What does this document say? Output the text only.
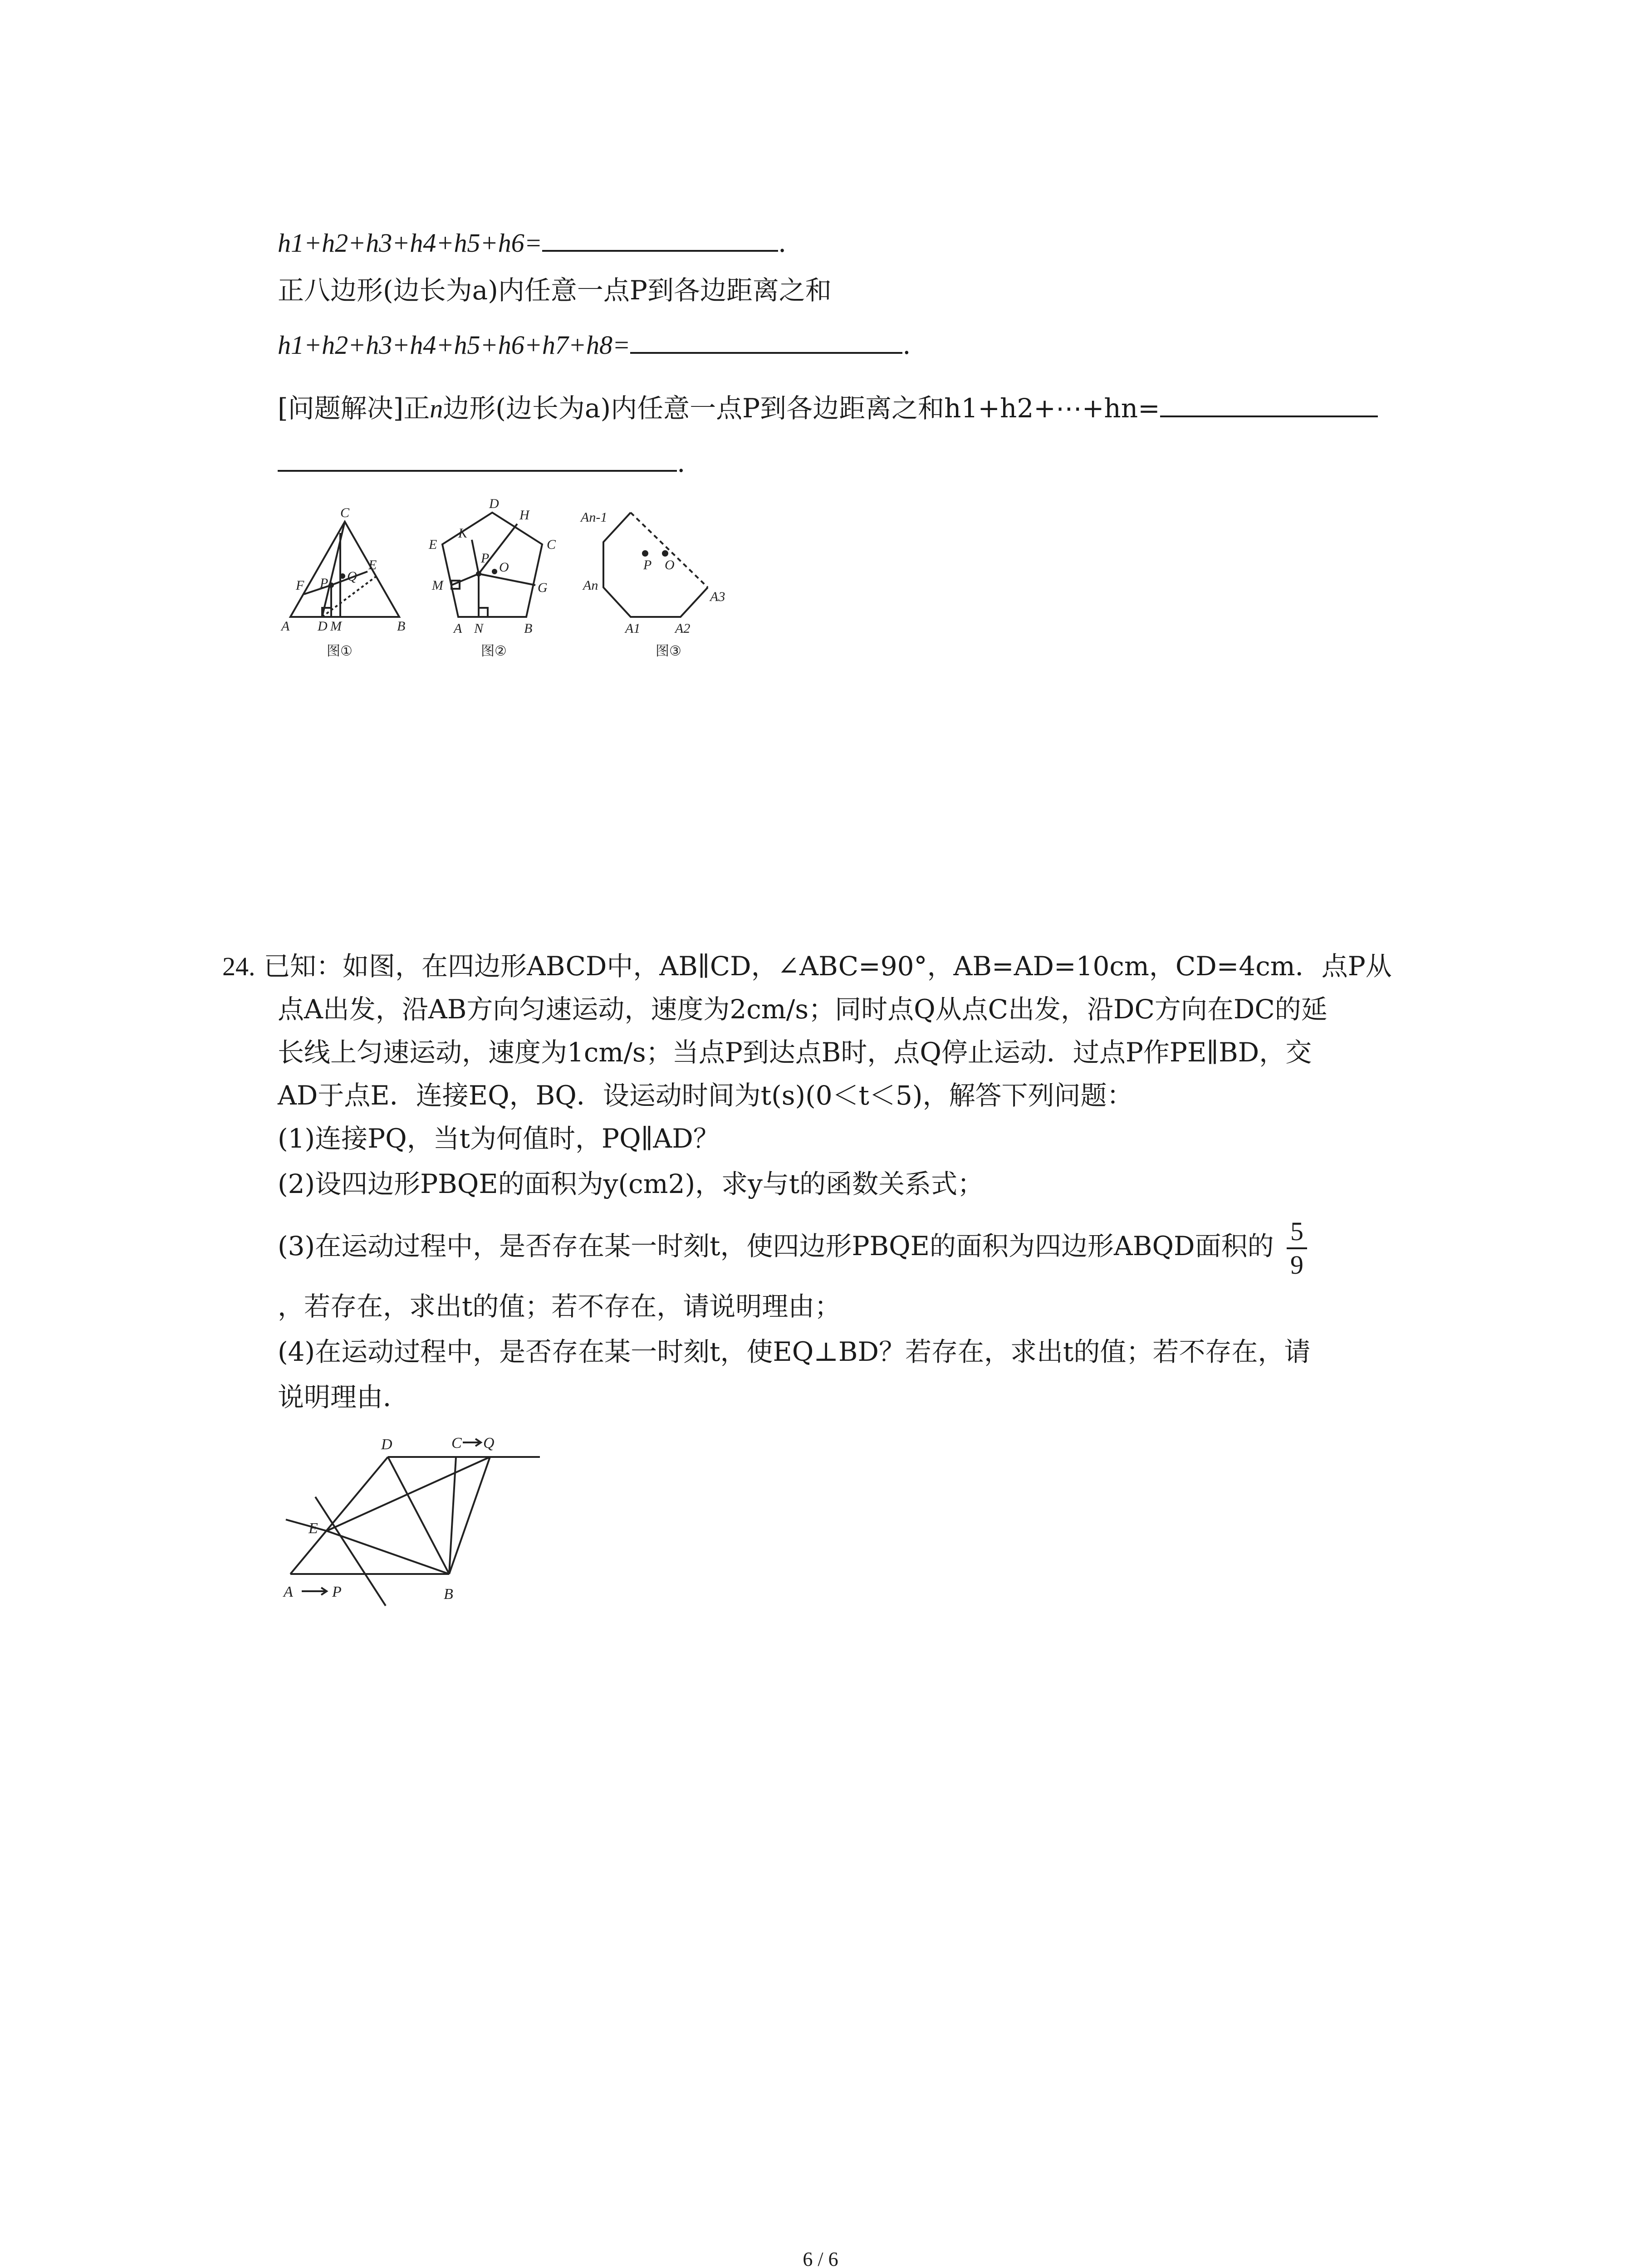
h1+h2+h3+h4+h5+h6=	.
正八边形(边长为a)内任意一点P到各边距离之和
h1+h2+h3+h4+h5+h6+h7+h8=	.
[问题解决]正n边形(边长为a)内任意一点P到各边距离之和h1+h2+⋯+hn=
.
C
F P
E
Q
A D M	B
图①
D
H
K
E
P
O
C
M	G
A N	B
图②
An-1
P O
An
A3
A1	A2
图③
24. 已知：如图，在四边形ABCD中，AB∥CD，∠ABC=90°，AB=AD=10cm，CD=4cm．点P从
点A出发，沿AB方向匀速运动，速度为2cm/s；同时点Q从点C出发，沿DC方向在DC的延
长线上匀速运动，速度为1cm/s；当点P到达点B时，点Q停止运动．过点P作PE∥BD，交
AD于点E．连接EQ，BQ．设运动时间为t(s)(0＜t＜5)，解答下列问题：
(1)连接PQ，当t为何值时，PQ∥AD？
(2)设四边形PBQE的面积为y(cm2)，求y与t的函数关系式；
(3)在运动过程中，是否存在某一时刻t，使四边形PBQE的面积为四边形ABQD面积的 $\frac{5}{9}$
，若存在，求出t的值；若不存在，请说明理由；
(4)在运动过程中，是否存在某一时刻t，使EQ⊥BD？若存在，求出t的值；若不存在，请
说明理由．
D	C Q
E
A	P	B
6 / 6
